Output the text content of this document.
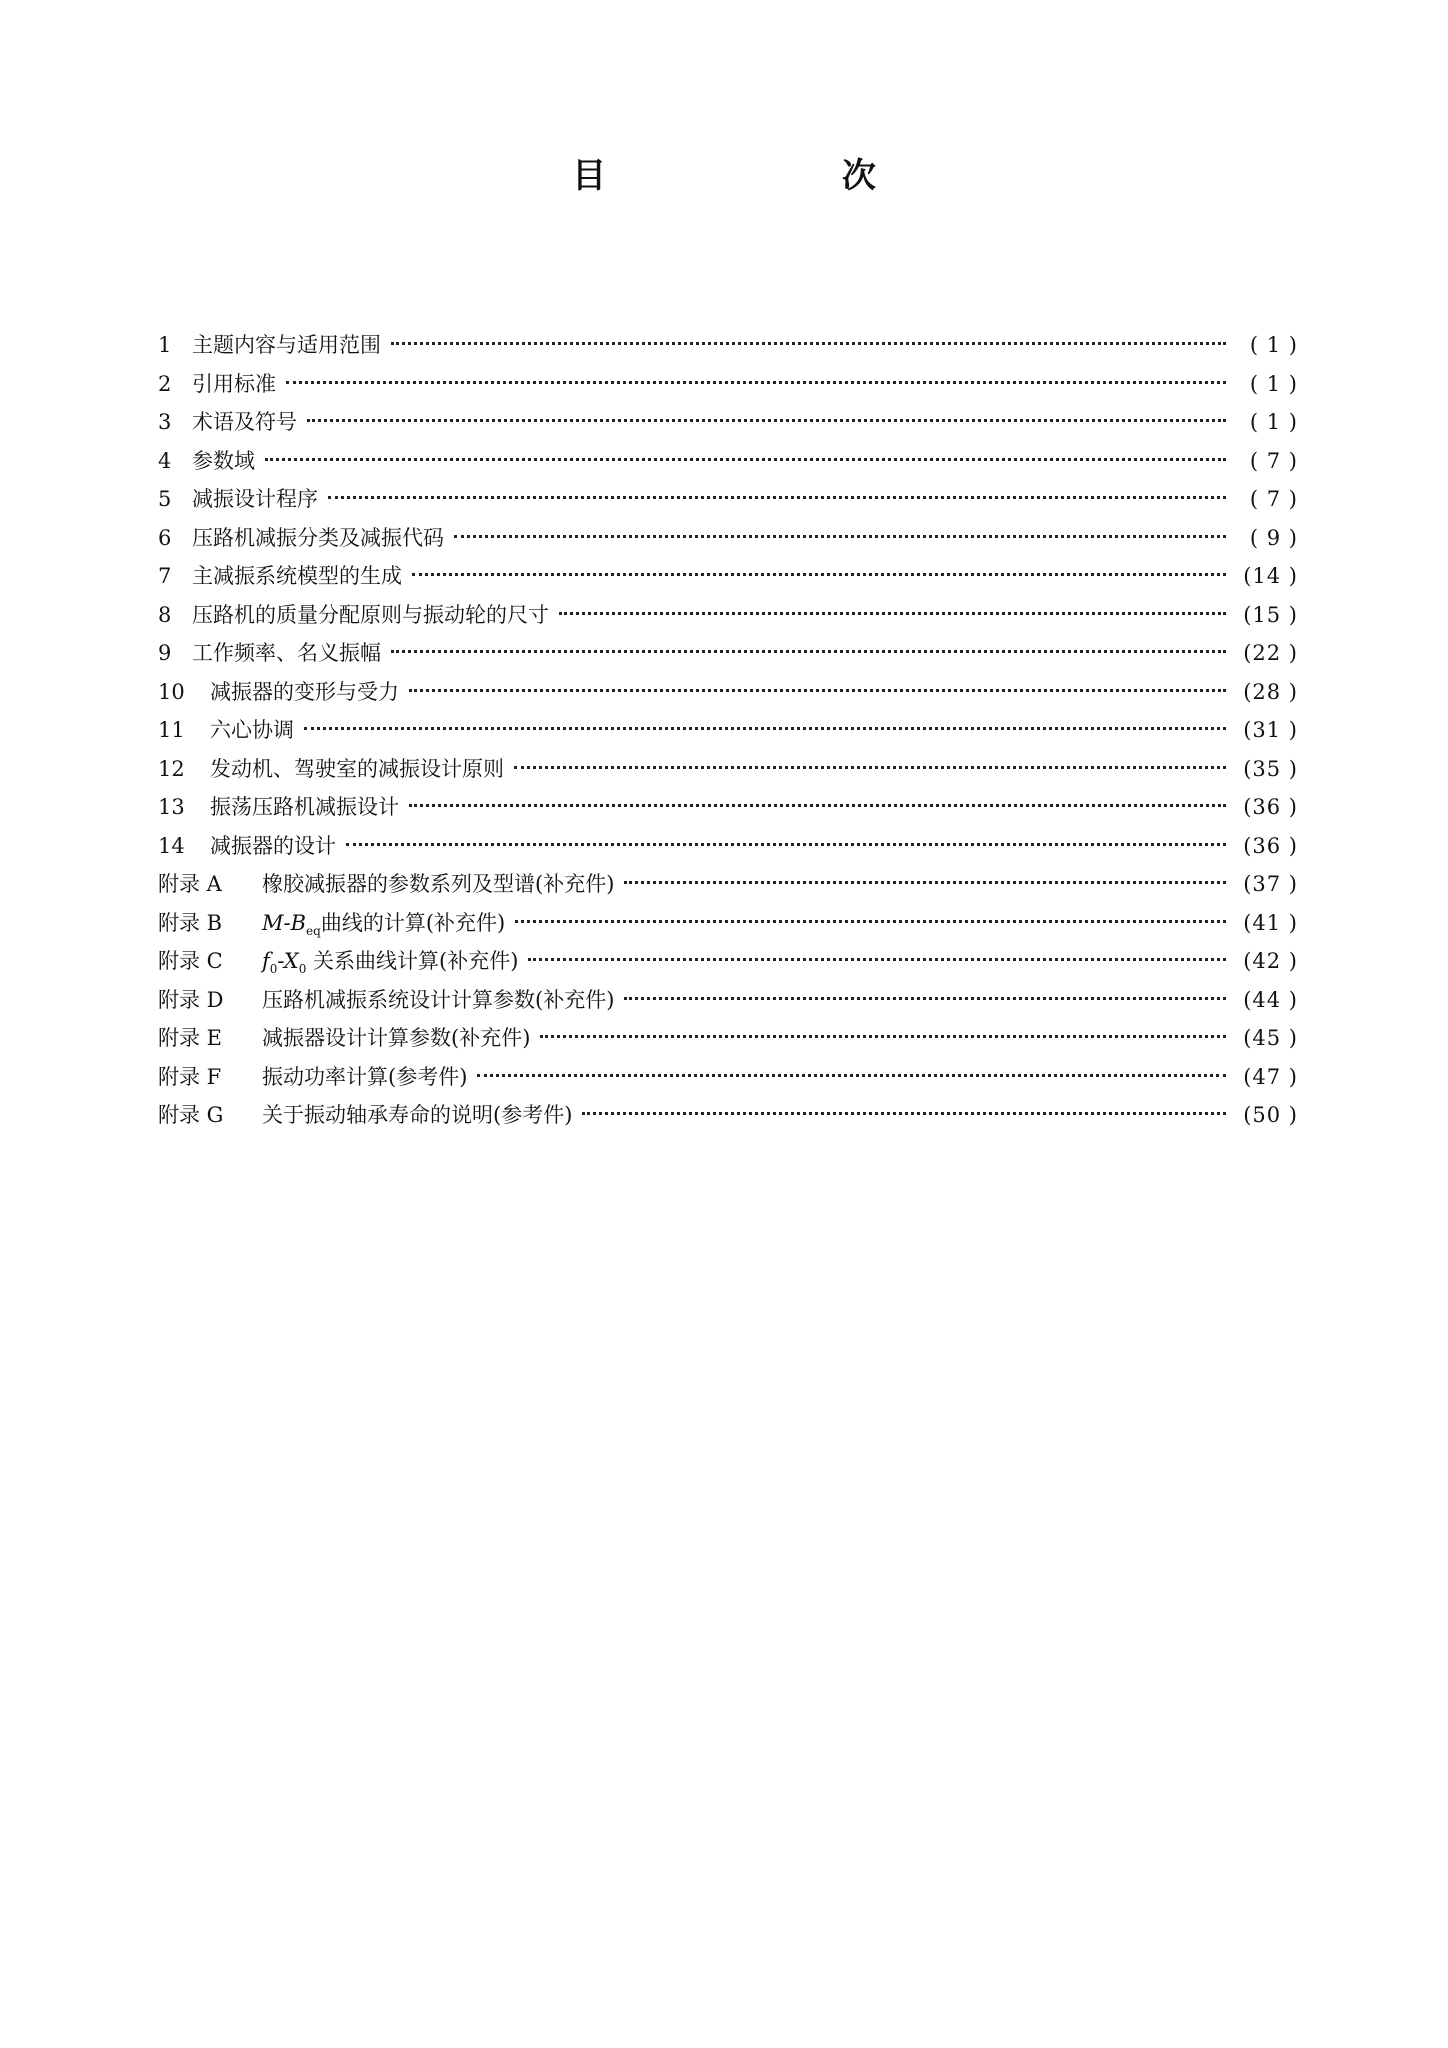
目 次
1 主题内容与适用范围	( 1 )
2 引用标准	( 1 )
3 术语及符号	( 1 )
4 参数域	( 7 )
5 减振设计程序	( 7 )
6 压路机减振分类及减振代码	( 9 )
7 主减振系统模型的生成	(14 )
8 压路机的质量分配原则与振动轮的尺寸	(15 )
9 工作频率、名义振幅	(22 )
10	减振器的变形与受力	(28 )
11	六心协调	(31 )
12	发动机、驾驶室的减振设计原则	(35 )
13	振荡压路机减振设计	(36 )
14	减振器的设计	(36 )
附录 A	橡胶减振器的参数系列及型谱(补充件)	(37 )
附录 B	$M-B_{eq}$曲线的计算(补充件)	(41 )
附录 C	$f_0-X_0$ 关系曲线计算(补充件)	(42 )
附录 D	压路机减振系统设计计算参数(补充件)	(44 )
附录 E	减振器设计计算参数(补充件)	(45 )
附录 F	振动功率计算(参考件)	(47 )
附录 G	关于振动轴承寿命的说明(参考件)	(50 )
